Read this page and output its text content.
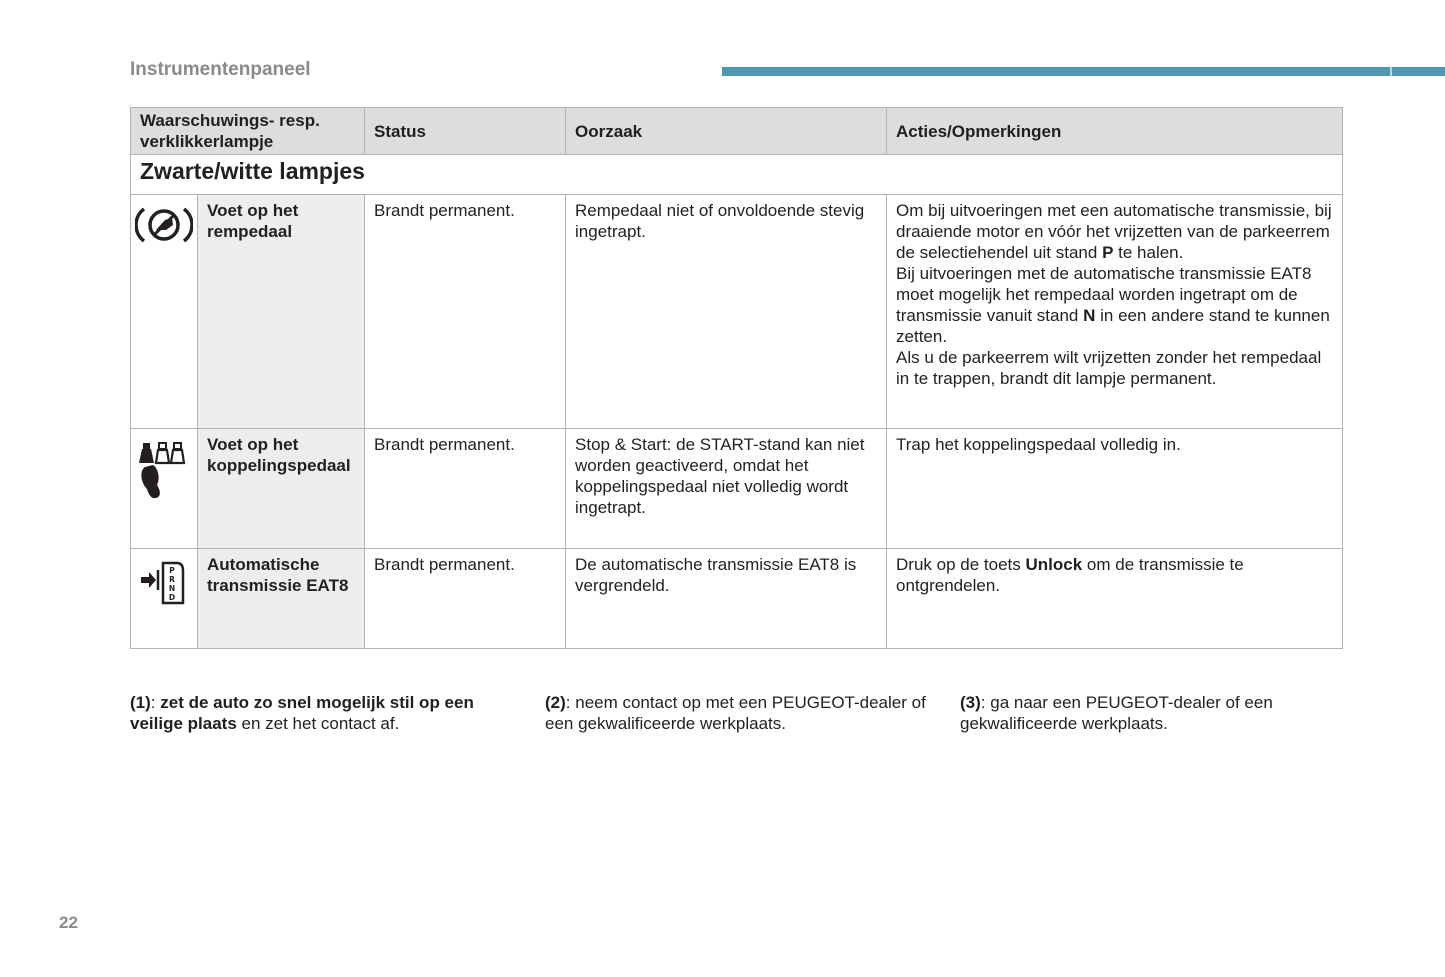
Instrumentenpaneel
Waarschuwings- resp. verklikkerlampje		Status	Oorzaak	Acties/Opmerkingen
Zwarte/witte lampjes				
	Voet op het rempedaal	Brandt permanent.	Rempedaal niet of onvoldoende stevig ingetrapt.	Om bij uitvoeringen met een automatische transmissie, bij draaiende motor en vóór het vrijzetten van de parkeerrem de selectiehendel uit stand P te halen.
Bij uitvoeringen met de automatische transmissie EAT8 moet mogelijk het rempedaal worden ingetrapt om de transmissie vanuit stand N in een andere stand te kunnen zetten.
Als u de parkeerrem wilt vrijzetten zonder het rempedaal in te trappen, brandt dit lampje permanent.
	Voet op het koppelingspedaal	Brandt permanent.	Stop & Start: de START-stand kan niet worden geactiveerd, omdat het koppelingspedaal niet volledig wordt ingetrapt.	Trap het koppelingspedaal volledig in.

P
R
N
D	Automatische transmissie EAT8	Brandt permanent.	De automatische transmissie EAT8 is vergrendeld.	Druk op de toets Unlock om de transmissie te ontgrendelen.
(1): zet de auto zo snel mogelijk stil op een veilige plaats en zet het contact af.
(2): neem contact op met een PEUGEOT-dealer of een gekwalificeerde werkplaats.
(3): ga naar een PEUGEOT-dealer of een gekwalificeerde werkplaats.
22
